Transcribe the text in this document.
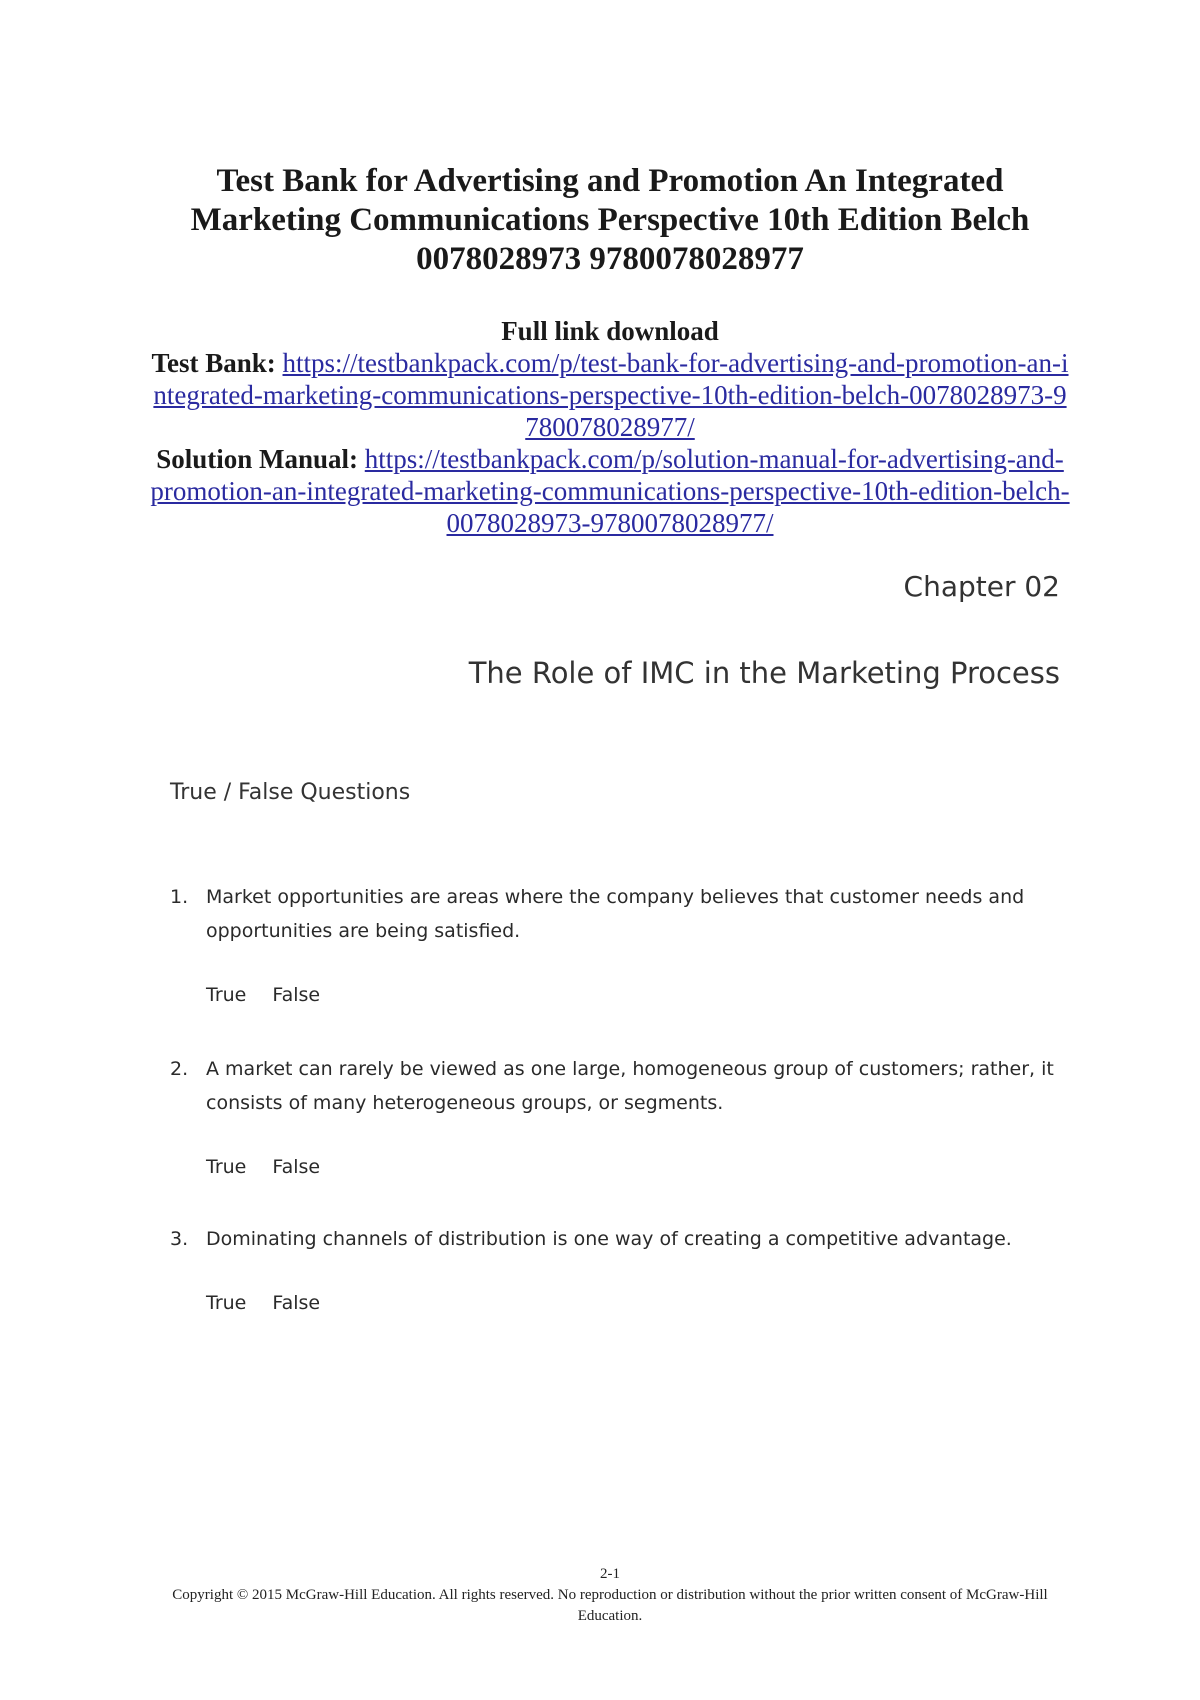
Test Bank for Advertising and Promotion An Integrated Marketing Communications Perspective 10th Edition Belch 0078028973 9780078028977
Full link download

Test Bank: https://testbankpack.com/p/test-bank-for-advertising-and-promotion-an-integrated-marketing-communications-perspective-10th-edition-belch-0078028973-9780078028977/

Solution Manual: https://testbankpack.com/p/solution-manual-for-advertising-and-promotion-an-integrated-marketing-communications-perspective-10th-edition-belch-0078028973-9780078028977/

Chapter 02
The Role of IMC in the Marketing Process
True / False Questions
1. Market opportunities are areas where the company believes that customer needs and opportunities are being satisfied.
True False
2. A market can rarely be viewed as one large, homogeneous group of customers; rather, it consists of many heterogeneous groups, or segments.
True False
3. Dominating channels of distribution is one way of creating a competitive advantage.
True False
2-1
Copyright © 2015 McGraw-Hill Education. All rights reserved. No reproduction or distribution without the prior written consent of McGraw-Hill Education.
